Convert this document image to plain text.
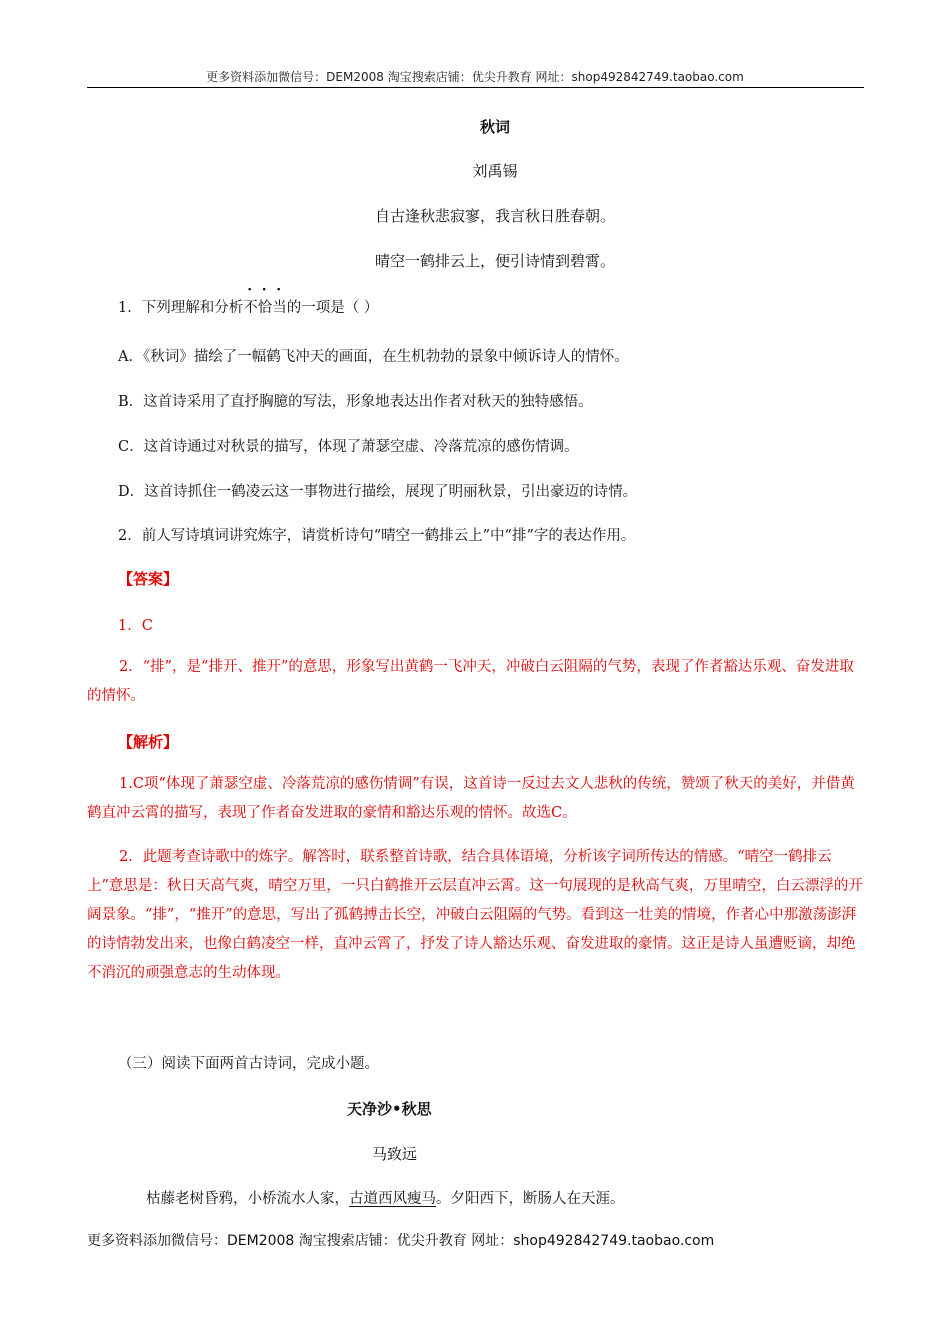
更多资料添加微信号：DEM2008 淘宝搜索店铺：优尖升教育 网址：shop492842749.taobao.com
秋词
刘禹锡
自古逢秋悲寂寥，我言秋日胜春朝。
晴空一鹤排云上，便引诗情到碧霄。
1．下列理解和分析不恰当的一项是（ ）
A．《秋词》描绘了一幅鹤飞冲天的画面，在生机勃勃的景象中倾诉诗人的情怀。
B．这首诗采用了直抒胸臆的写法，形象地表达出作者对秋天的独特感悟。
C．这首诗通过对秋景的描写，体现了萧瑟空虚、冷落荒凉的感伤情调。
D．这首诗抓住一鹤凌云这一事物进行描绘，展现了明丽秋景，引出豪迈的诗情。
2．前人写诗填词讲究炼字，请赏析诗句“晴空一鹤排云上”中“排”字的表达作用。
【答案】
1．C
2．“排”，是“排开、推开”的意思，形象写出黄鹤一飞冲天，冲破白云阻隔的气势，表现了作者豁达乐观、奋发进取的情怀。
【解析】
1.C项“体现了萧瑟空虚、冷落荒凉的感伤情调”有误，这首诗一反过去文人悲秋的传统，赞颂了秋天的美好，并借黄鹤直冲云霄的描写，表现了作者奋发进取的豪情和豁达乐观的情怀。故选C。
2．此题考查诗歌中的炼字。解答时，联系整首诗歌，结合具体语境，分析该字词所传达的情感。“晴空一鹤排云上”意思是：秋日天高气爽，晴空万里，一只白鹤推开云层直冲云霄。这一句展现的是秋高气爽，万里晴空，白云漂浮的开阔景象。“排”，“推开”的意思，写出了孤鹤搏击长空，冲破白云阻隔的气势。看到这一壮美的情境，作者心中那激荡澎湃的诗情勃发出来，也像白鹤凌空一样，直冲云霄了，抒发了诗人豁达乐观、奋发进取的豪情。这正是诗人虽遭贬谪，却绝不消沉的顽强意志的生动体现。
（三）阅读下面两首古诗词，完成小题。
天净沙•秋思
马致远
枯藤老树昏鸦，小桥流水人家，古道西风瘦马。夕阳西下，断肠人在天涯。
更多资料添加微信号：DEM2008 淘宝搜索店铺：优尖升教育 网址：shop492842749.taobao.com
